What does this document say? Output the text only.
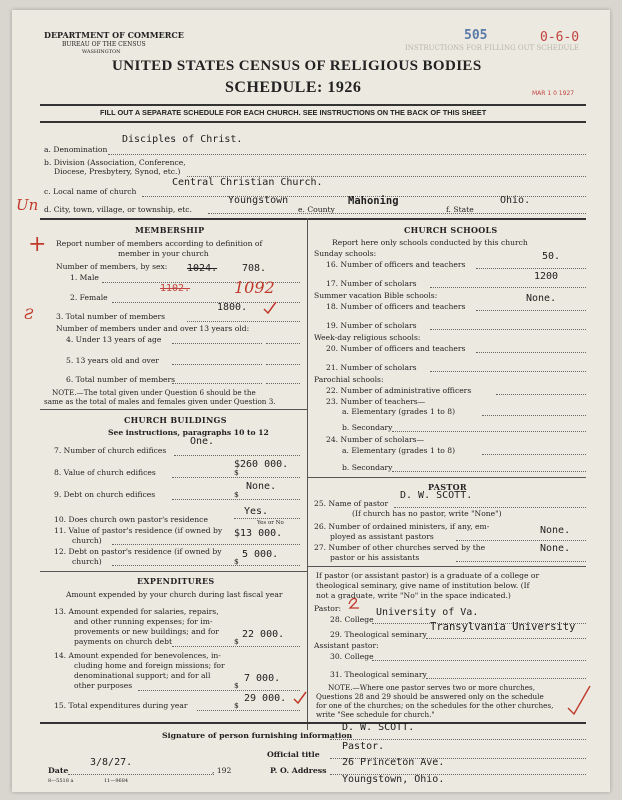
DEPARTMENT OF COMMERCE
BUREAU OF THE CENSUS
WASHINGTON	INSTRUCTIONS FOR FILLING OUT SCHEDULE
505	0-6-0
MAR 1 0 1927
UNITED STATES CENSUS OF RELIGIOUS BODIES
SCHEDULE: 1926
FILL OUT A SEPARATE SCHEDULE FOR EACH CHURCH. SEE INSTRUCTIONS ON THE BACK OF THIS SHEET
a. Denomination
Disciples of Christ.
b. Division (Association, Conference,
Diocese, Presbytery, Synod, etc.)
c. Local name of church
Central Christian Church.
d. City, town, village, or township, etc.
Youngstown
e. County
Mahoning
f. State
Ohio.
Un
+
Ƨ
MEMBERSHIP
Report number of members according to definition of
member in your church
Number of members, by sex:
1. Male
1024. 708.
2. Female
1102.	1092
3. Total number of members
1800.
Number of members under and over 13 years old:
4. Under 13 years of age
5. 13 years old and over
6. Total number of members
NOTE.—The total given under Question 6 should be the
same as the total of males and females given under Question 3.
CHURCH BUILDINGS
See instructions, paragraphs 10 to 12
7. Number of church edifices
One.
8. Value of church edifices
$260 000.
$
9. Debt on church edifices	$
None.
10. Does church own pastor's residence
Yes.
Yes or No
11. Value of pastor's residence (if owned by
church)
$13 000.
12. Debt on pastor's residence (if owned by
church)	$
5 000.
EXPENDITURES
Amount expended by your church during last fiscal year
13. Amount expended for salaries, repairs,
and other running expenses; for im-
provements or new buildings; and for
payments on church debt	$
22 000.
14. Amount expended for benevolences, in-
cluding home and foreign missions; for
denominational support; and for all
other purposes	$
7 000.
15. Total expenditures during year	$
29 000.
CHURCH SCHOOLS
Report here only schools conducted by this church
Sunday schools:
16. Number of officers and teachers
50.
17. Number of scholars
1200
Summer vacation Bible schools:
18. Number of officers and teachers
None.
19. Number of scholars
Week-day religious schools:
20. Number of officers and teachers
21. Number of scholars
Parochial schools:
22. Number of administrative officers
23. Number of teachers—
a. Elementary (grades 1 to 8)
b. Secondary
24. Number of scholars—
a. Elementary (grades 1 to 8)
b. Secondary
PASTOR
25. Name of pastor
D. W. SCOTT.
(If church has no pastor, write "None")
26. Number of ordained ministers, if any, em-
ployed as assistant pastors
None.
27. Number of other churches served by the
pastor or his assistants
None.
If pastor (or assistant pastor) is a graduate of a college or
theological seminary, give name of institution below. (If
not a graduate, write "No" in the space indicated.)
Pastor:
28. College
University of Va.
29. Theological seminary
Transylvania University
Assistant pastor:
30. College
31. Theological seminary
NOTE.—Where one pastor serves two or more churches,
Questions 28 and 29 should be answered only on the schedule
for one of the churches; on the schedules for the other churches,
write "See schedule for church."
Signature of person furnishing information
D. W. SCOTT.
Official title
Pastor.
Date
3/8/27.
, 192
8—5518 a	11—9684
P. O. Address
26 Princeton Ave.
Youngstown, Ohio.
